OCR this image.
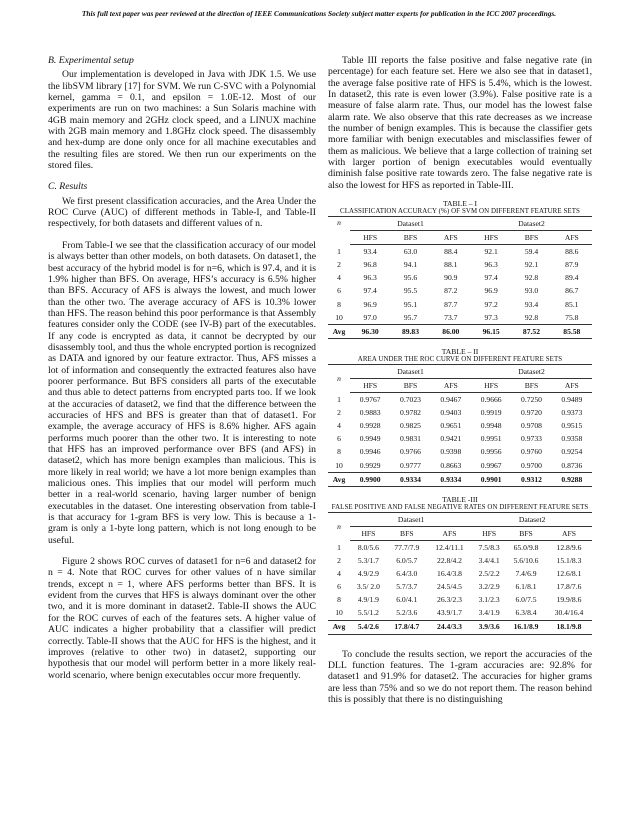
This full text paper was peer reviewed at the direction of IEEE Communications Society subject matter experts for publication in the ICC 2007 proceedings.

B. Experimental setup

Our implementation is developed in Java with JDK 1.5. We use the libSVM library [17] for SVM. We run C-SVC with a Polynomial kernel, gamma = 0.1, and epsilon = 1.0E-12. Most of our experiments are run on two machines: a Sun Solaris machine with 4GB main memory and 2GHz clock speed, and a LINUX machine with 2GB main memory and 1.8GHz clock speed. The disassembly and hex-dump are done only once for all machine executables and the resulting files are stored. We then run our experiments on the stored files.

C. Results

We first present classification accuracies, and the Area Under the ROC Curve (AUC) of different methods in Table-I, and Table-II respectively, for both datasets and different values of n.

From Table-I we see that the classification accuracy of our model is always better than other models, on both datasets. On dataset1, the best accuracy of the hybrid model is for n=6, which is 97.4, and it is 1.9% higher than BFS. On average, HFS’s accuracy is 6.5% higher than BFS. Accuracy of AFS is always the lowest, and much lower than the other two. The average accuracy of AFS is 10.3% lower than HFS. The reason behind this poor performance is that Assembly features consider only the CODE (see IV-B) part of the executables. If any code is encrypted as data, it cannot be decrypted by our disassembly tool, and thus the whole encrypted portion is recognized as DATA and ignored by our feature extractor. Thus, AFS misses a lot of information and consequently the extracted features also have poorer performance. But BFS considers all parts of the executable and thus able to detect patterns from encrypted parts too. If we look at the accuracies of dataset2, we find that the difference between the accuracies of HFS and BFS is greater than that of dataset1. For example, the average accuracy of HFS is 8.6% higher. AFS again performs much poorer than the other two. It is interesting to note that HFS has an improved performance over BFS (and AFS) in dataset2, which has more benign examples than malicious. This is more likely in real world; we have a lot more benign examples than malicious ones. This implies that our model will perform much better in a real-world scenario, having larger number of benign executables in the dataset. One interesting observation from table-I is that accuracy for 1-gram BFS is very low. This is because a 1-gram is only a 1-byte long pattern, which is not long enough to be useful.

Figure 2 shows ROC curves of dataset1 for n=6 and dataset2 for n = 4. Note that ROC curves for other values of n have similar trends, except n = 1, where AFS performs better than BFS. It is evident from the curves that HFS is always dominant over the other two, and it is more dominant in dataset2. Table-II shows the AUC for the ROC curves of each of the features sets. A higher value of AUC indicates a higher probability that a classifier will predict correctly. Table-II shows that the AUC for HFS is the highest, and it improves (relative to other two) in dataset2, supporting our hypothesis that our model will perform better in a more likely real-world scenario, where benign executables occur more frequently.

Table III reports the false positive and false negative rate (in percentage) for each feature set. Here we also see that in dataset1, the average false positive rate of HFS is 5.4%, which is the lowest. In dataset2, this rate is even lower (3.9%). False positive rate is a measure of false alarm rate. Thus, our model has the lowest false alarm rate. We also observe that this rate decreases as we increase the number of benign examples. This is because the classifier gets more familiar with benign executables and misclassifies fewer of them as malicious. We believe that a large collection of training set with larger portion of benign executables would eventually diminish false positive rate towards zero. The false negative rate is also the lowest for HFS as reported in Table-III.

TABLE – I
CLASSIFICATION ACCURACY (%) OF SVM ON DIFFERENT FEATURE SETS
n	Dataset1			Dataset2		
	HFS	BFS	AFS	HFS	BFS	AFS
1	93.4	63.0	88.4	92.1	59.4	88.6
2	96.8	94.1	88.1	96.3	92.1	87.9
4	96.3	95.6	90.9	97.4	92.8	89.4
6	97.4	95.5	87.2	96.9	93.0	86.7
8	96.9	95.1	87.7	97.2	93.4	85.1
10	97.0	95.7	73.7	97.3	92.8	75.8
Avg	96.30	89.83	86.00	96.15	87.52	85.58
TABLE – II
AREA UNDER THE ROC CURVE ON DIFFERENT FEATURE SETS
n	Dataset1			Dataset2		
	HFS	BFS	AFS	HFS	BFS	AFS
1	0.9767	0.7023	0.9467	0.9666	0.7250	0.9489
2	0.9883	0.9782	0.9403	0.9919	0.9720	0.9373
4	0.9928	0.9825	0.9651	0.9948	0.9708	0.9515
6	0.9949	0.9831	0.9421	0.9951	0.9733	0.9358
8	0.9946	0.9766	0.9398	0.9956	0.9760	0.9254
10	0.9929	0.9777	0.8663	0.9967	0.9700	0.8736
Avg	0.9900	0.9334	0.9334	0.9901	0.9312	0.9288
TABLE -III
FALSE POSITIVE AND FALSE NEGATIVE RATES ON DIFFERENT FEATURE SETS
n	Dataset1			Dataset2		
	HFS	BFS	AFS	HFS	BFS	AFS
1	8.0/5.6	77.7/7.9	12.4/11.1	7.5/8.3	65.0/9.8	12.8/9.6
2	5.3/1.7	6.0/5.7	22.8/4.2	3.4/4.1	5.6/10.6	15.1/8.3
4	4.9/2.9	6.4/3.0	16.4/3.8	2.5/2.2	7.4/6.9	12.6/8.1
6	3.5/ 2.0	5.7/3.7	24.5/4.5	3.2/2.9	6.1/8.1	17.8/7.6
8	4.9/1.9	6.0/4.1	26.3/2.3	3.1/2.3	6.0/7.5	19.9/8.6
10	5.5/1.2	5.2/3.6	43.9/1.7	3.4/1.9	6.3/8.4	30.4/16.4
Avg	5.4/2.6	17.8/4.7	24.4/3.3	3.9/3.6	16.1/8.9	18.1/9.8

To conclude the results section, we report the accuracies of the DLL function features. The 1-gram accuracies are: 92.8% for dataset1 and 91.9% for dataset2. The accuracies for higher grams are less than 75% and so we do not report them. The reason behind this is possibly that there is no distinguishing
